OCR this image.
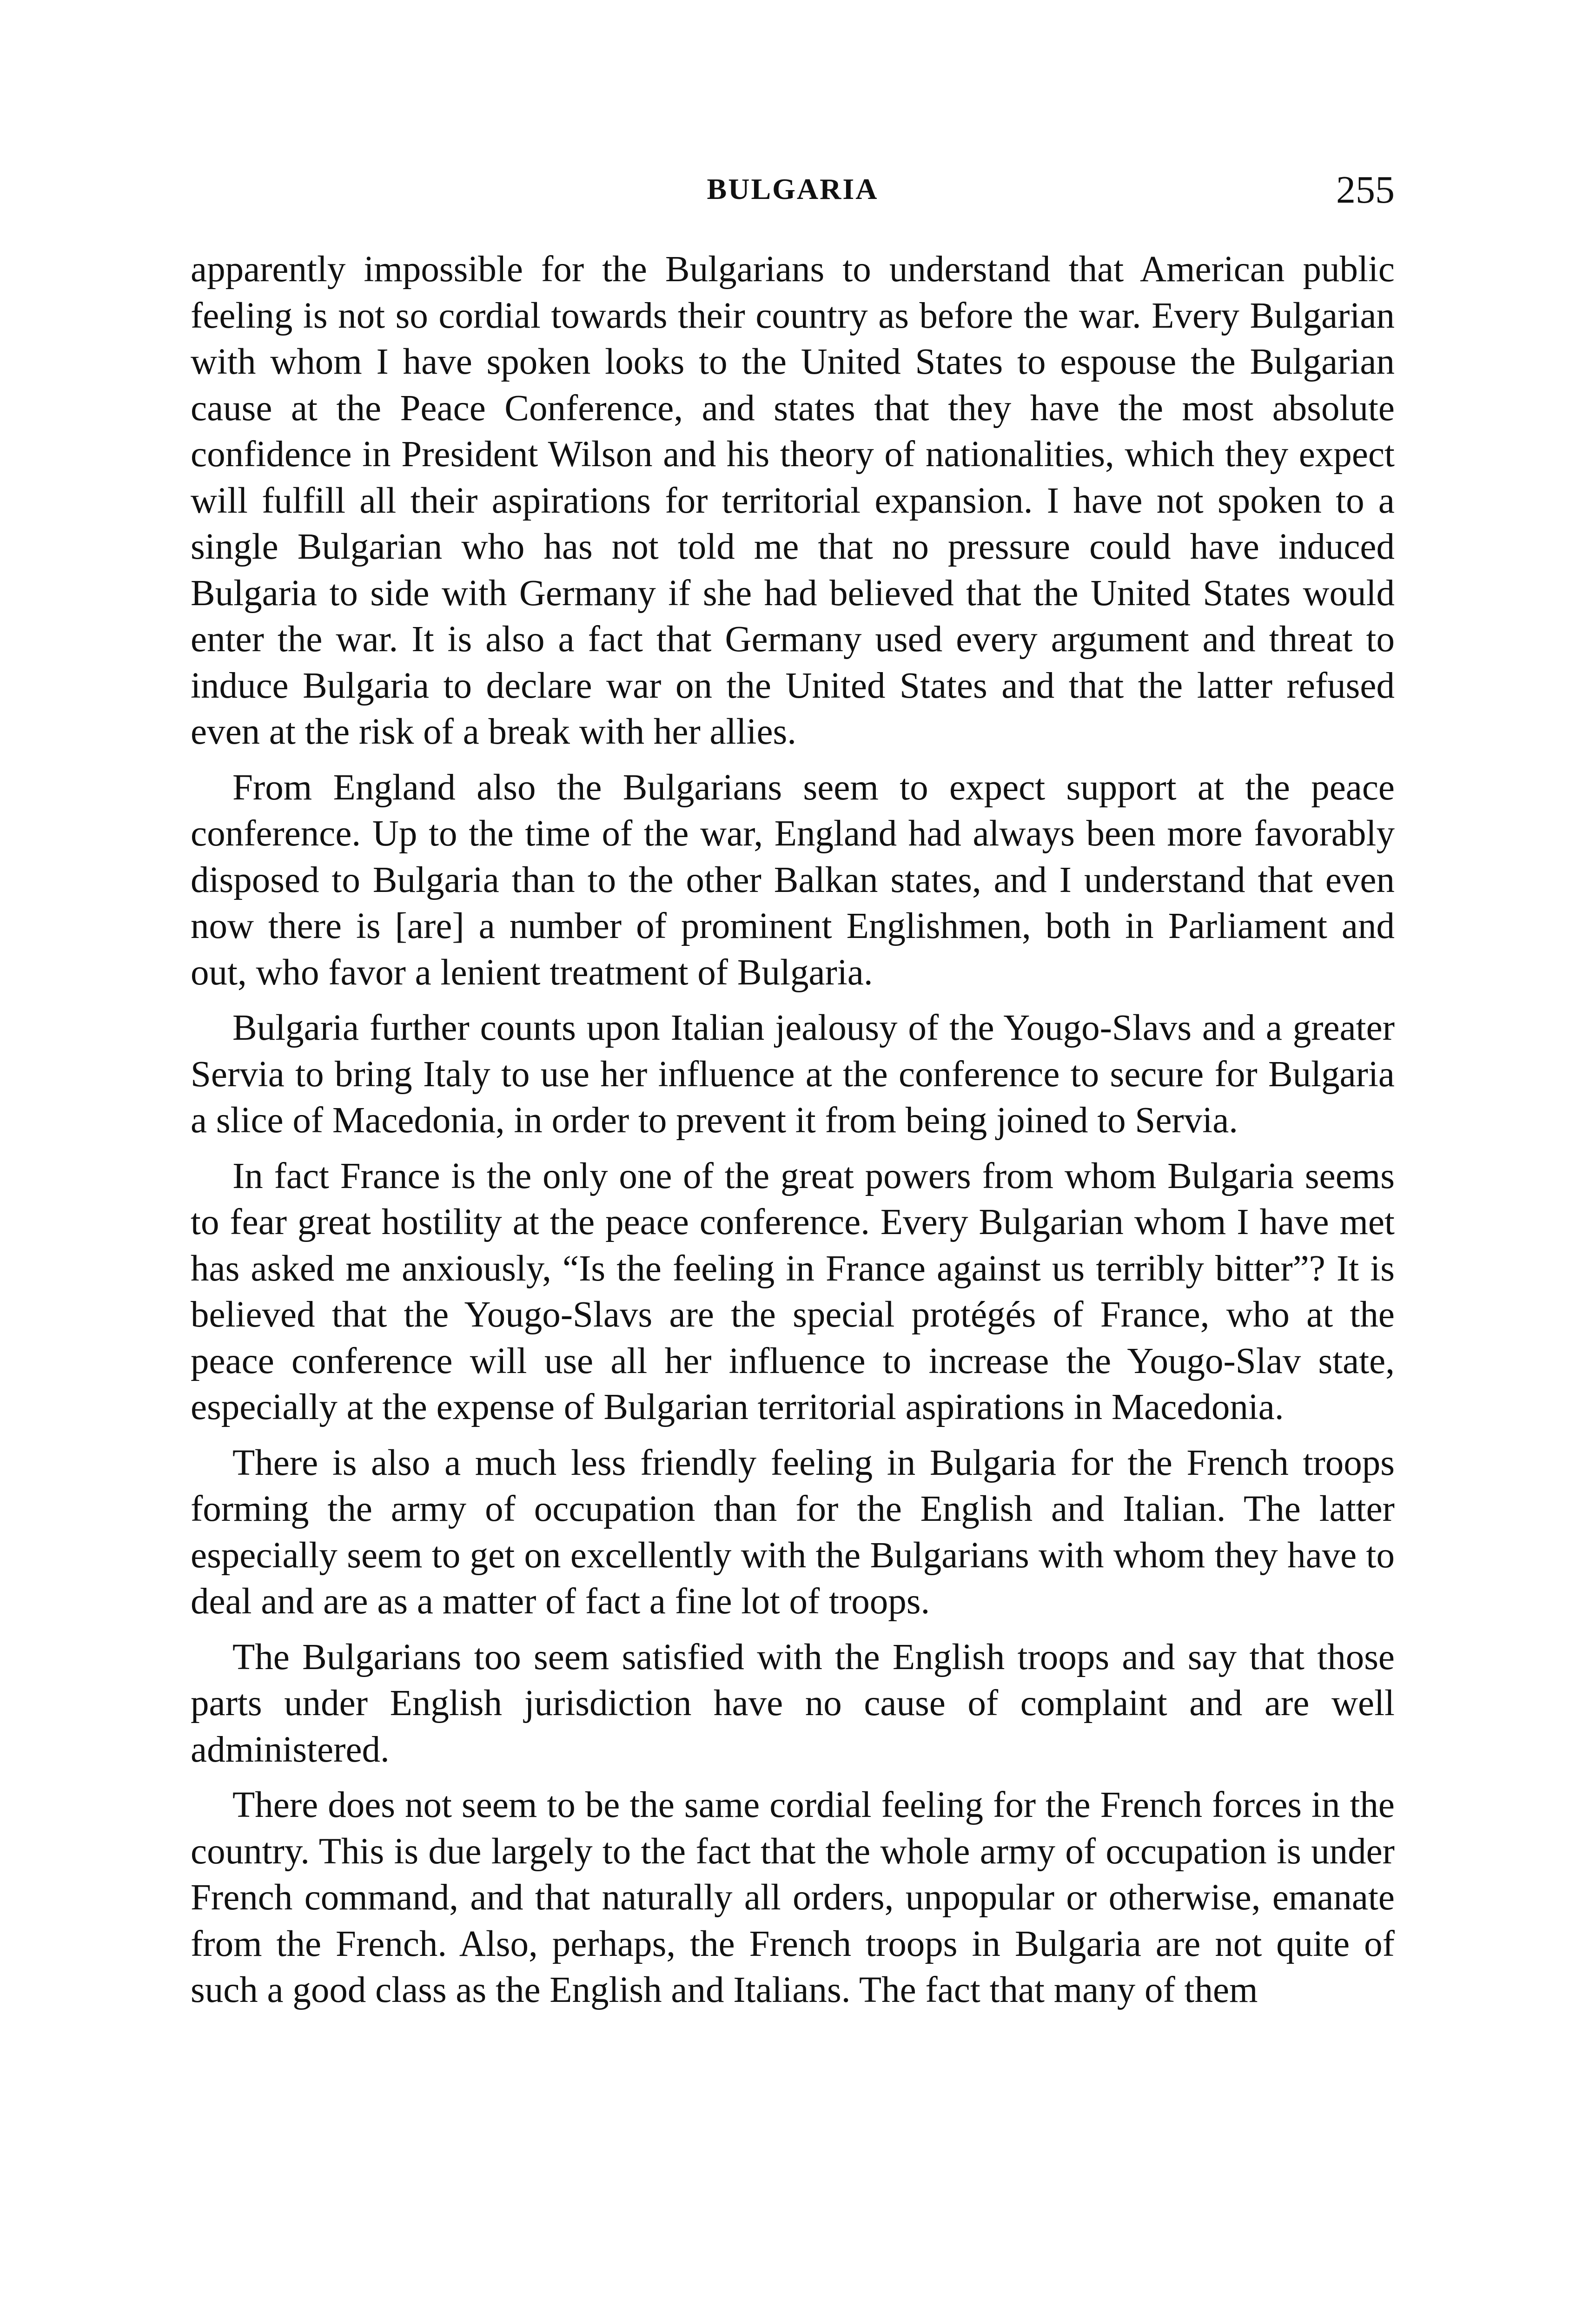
BULGARIA	255

apparently impossible for the Bulgarians to understand that American public feeling is not so cordial towards their country as before the war. Every Bulgarian with whom I have spoken looks to the United States to espouse the Bulgarian cause at the Peace Conference, and states that they have the most absolute confidence in President Wilson and his theory of nationalities, which they expect will fulfill all their aspirations for territorial expansion. I have not spoken to a single Bulgarian who has not told me that no pressure could have induced Bulgaria to side with Germany if she had believed that the United States would enter the war. It is also a fact that Germany used every argument and threat to induce Bulgaria to declare war on the United States and that the latter refused even at the risk of a break with her allies.

From England also the Bulgarians seem to expect support at the peace conference. Up to the time of the war, England had always been more favorably disposed to Bulgaria than to the other Balkan states, and I understand that even now there is [are] a number of prominent Englishmen, both in Parliament and out, who favor a lenient treatment of Bulgaria.

Bulgaria further counts upon Italian jealousy of the Yougo-Slavs and a greater Servia to bring Italy to use her influence at the conference to secure for Bulgaria a slice of Macedonia, in order to prevent it from being joined to Servia.

In fact France is the only one of the great powers from whom Bulgaria seems to fear great hostility at the peace conference. Every Bulgarian whom I have met has asked me anxiously, “Is the feeling in France against us terribly bitter”? It is believed that the Yougo-Slavs are the special protégés of France, who at the peace conference will use all her influence to increase the Yougo-Slav state, especially at the expense of Bulgarian territorial aspirations in Macedonia.

There is also a much less friendly feeling in Bulgaria for the French troops forming the army of occupation than for the English and Italian. The latter especially seem to get on excellently with the Bulgarians with whom they have to deal and are as a matter of fact a fine lot of troops.

The Bulgarians too seem satisfied with the English troops and say that those parts under English jurisdiction have no cause of complaint and are well administered.

There does not seem to be the same cordial feeling for the French forces in the country. This is due largely to the fact that the whole army of occupation is under French command, and that naturally all orders, unpopular or otherwise, emanate from the French. Also, perhaps, the French troops in Bulgaria are not quite of such a good class as the English and Italians. The fact that many of them
